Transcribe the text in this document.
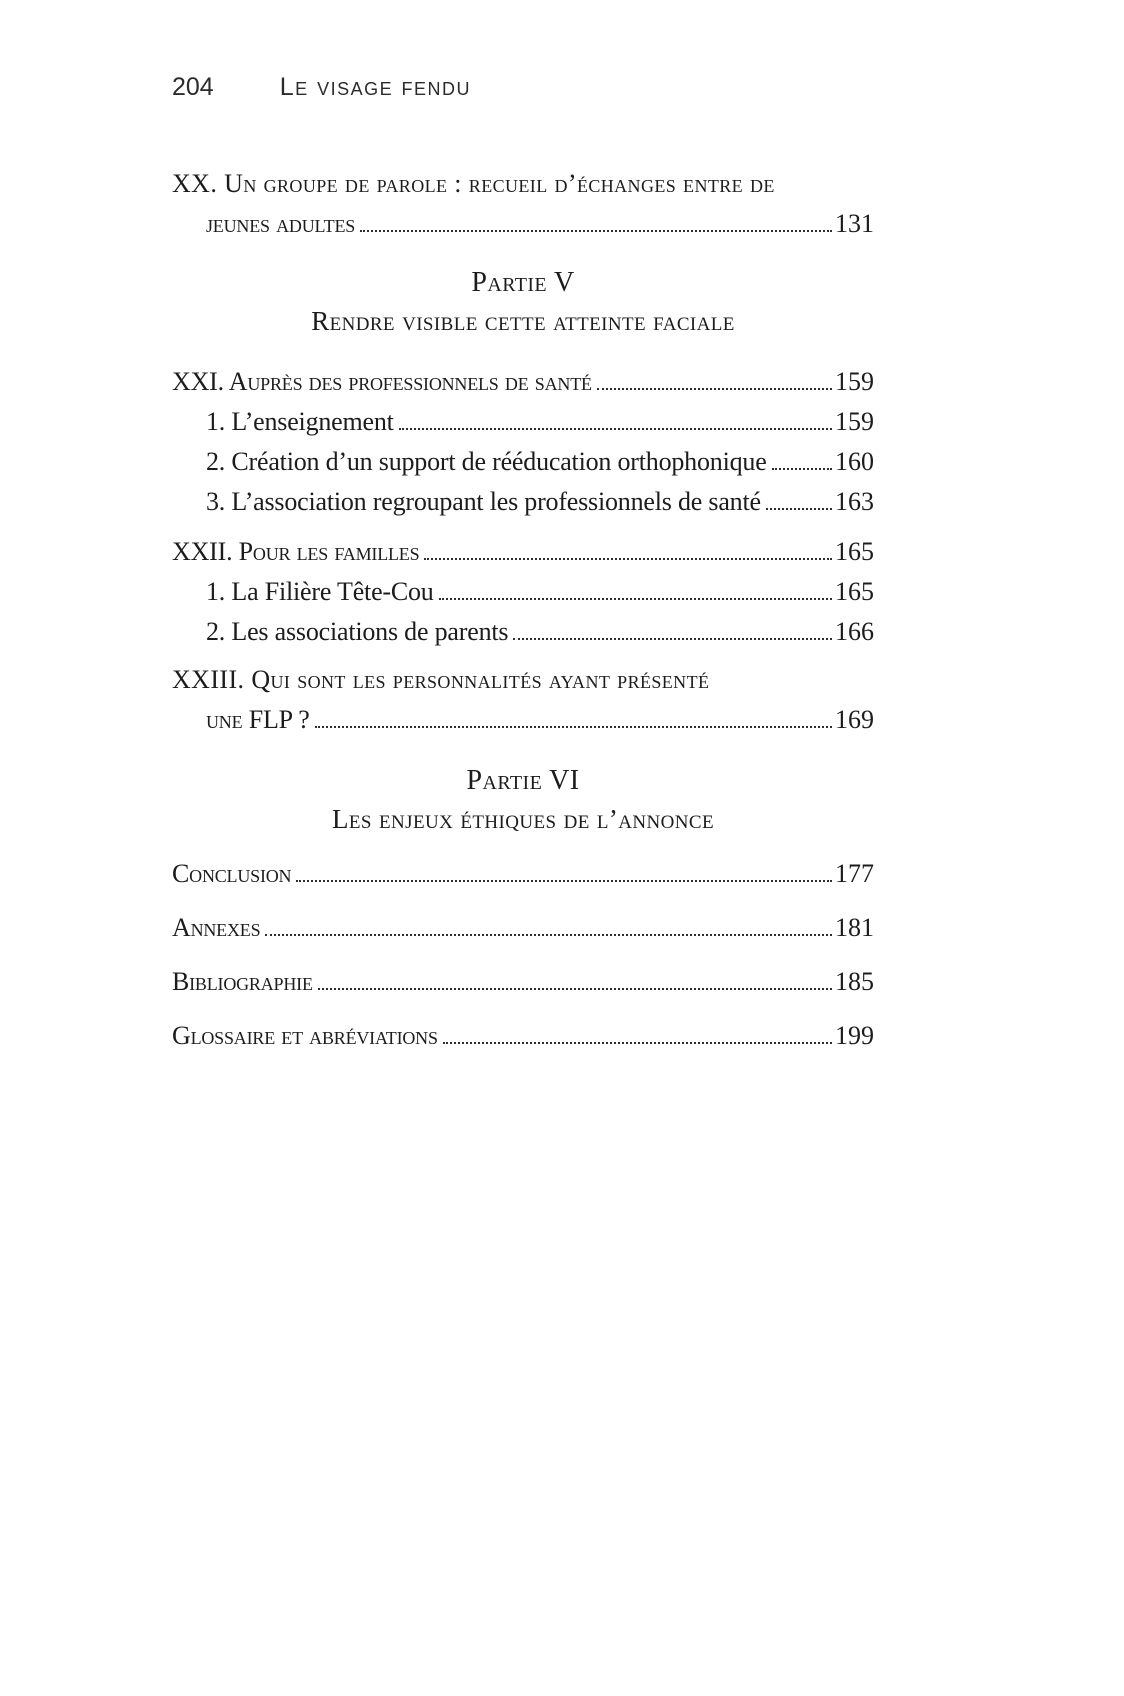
204	Le visage fendu
XX. Un groupe de parole : recueil d’échanges entre de
jeunes adultes	131
Partie V
Rendre visible cette atteinte faciale
XXI. Auprès des professionnels de santé	159
1. L’enseignement	159
2. Création d’un support de rééducation orthophonique	160
3. L’association regroupant les professionnels de santé	163
XXII. Pour les familles	165
1. La Filière Tête-Cou	165
2. Les associations de parents	166
XXIII. Qui sont les personnalités ayant présenté
une FLP ?	169
Partie VI
Les enjeux éthiques de l’annonce
Conclusion	177
Annexes	181
Bibliographie	185
Glossaire et abréviations	199
